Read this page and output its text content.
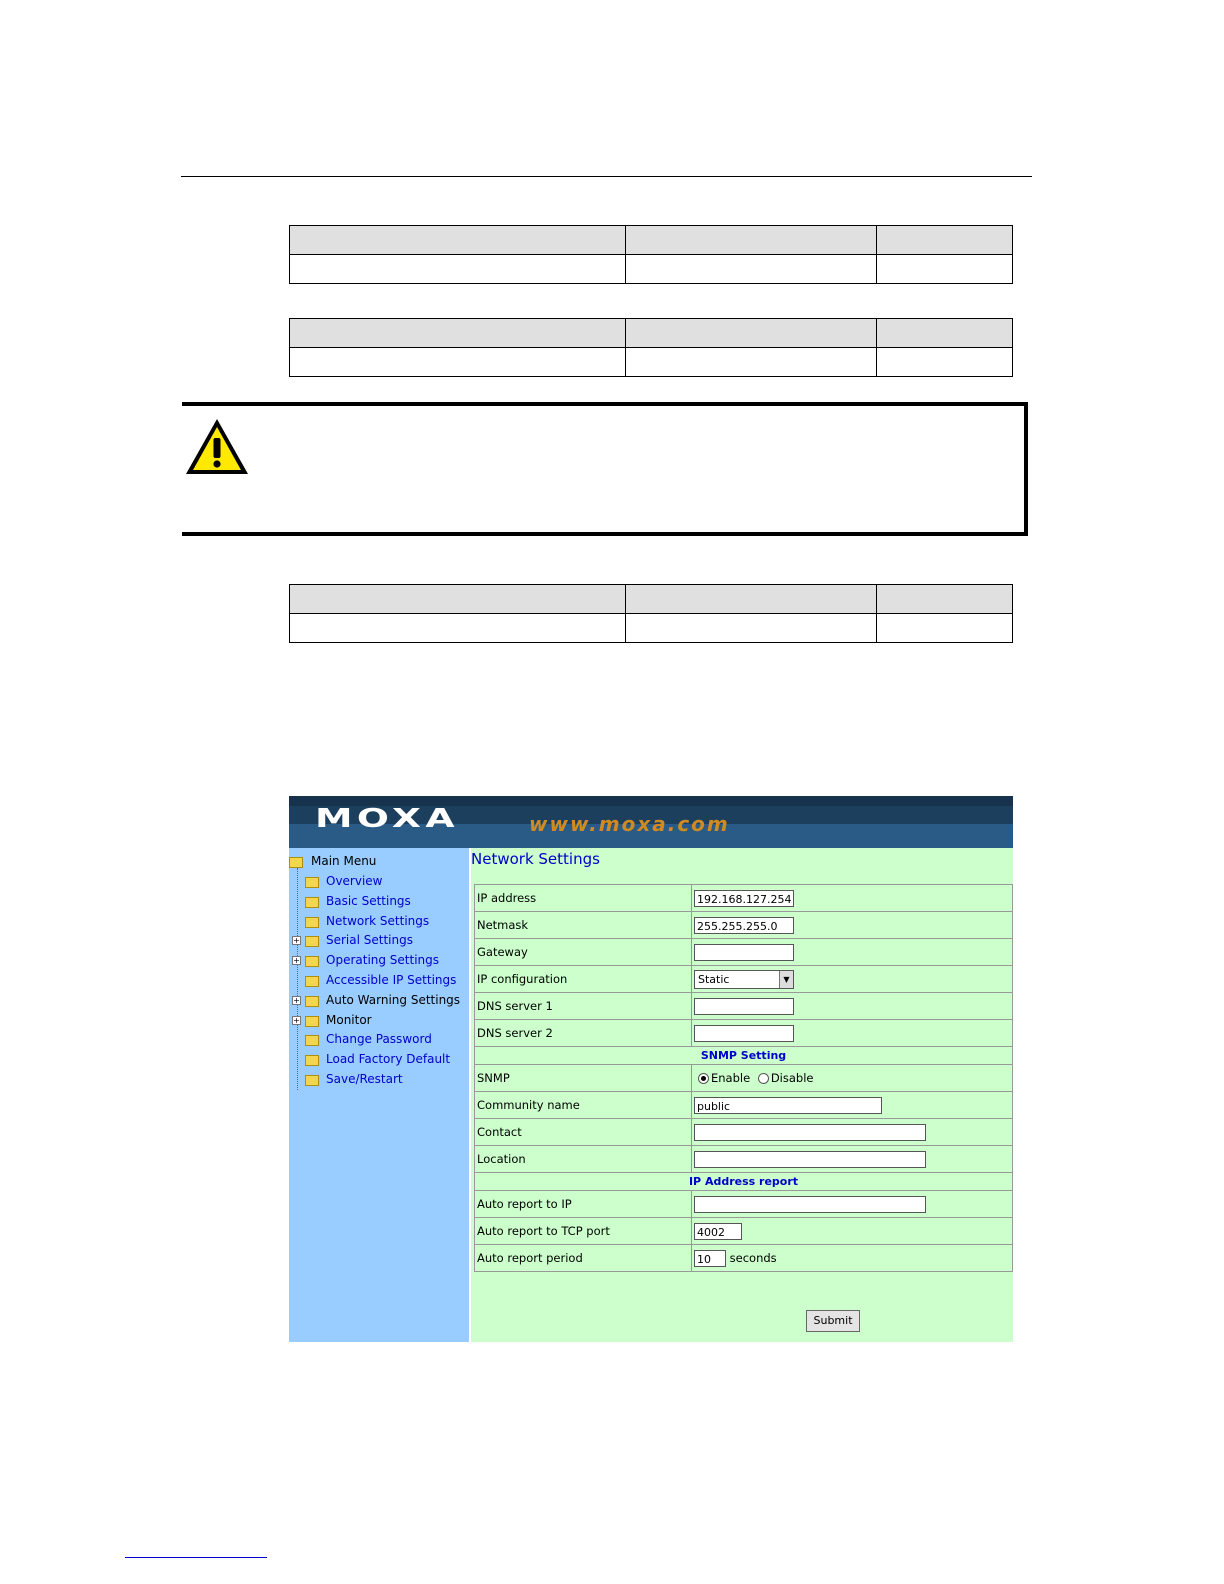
MOXA	www.moxa.com
Main Menu
Overview
Basic Settings
Network Settings
+ Serial Settings
+ Operating Settings
Accessible IP Settings
+ Auto Warning Settings
+ Monitor
Change Password
Load Factory Default
Save/Restart
Network Settings
IP address	192.168.127.254
Netmask	255.255.255.0
Gateway	
IP configuration	Static ▼

DNS server 1	
DNS server 2	
SNMP Setting	
SNMP	Enable Disable
Community name	public
Contact	
Location	
IP Address report	
Auto report to IP	
Auto report to TCP port	4002
Auto report period	10 seconds
Submit
